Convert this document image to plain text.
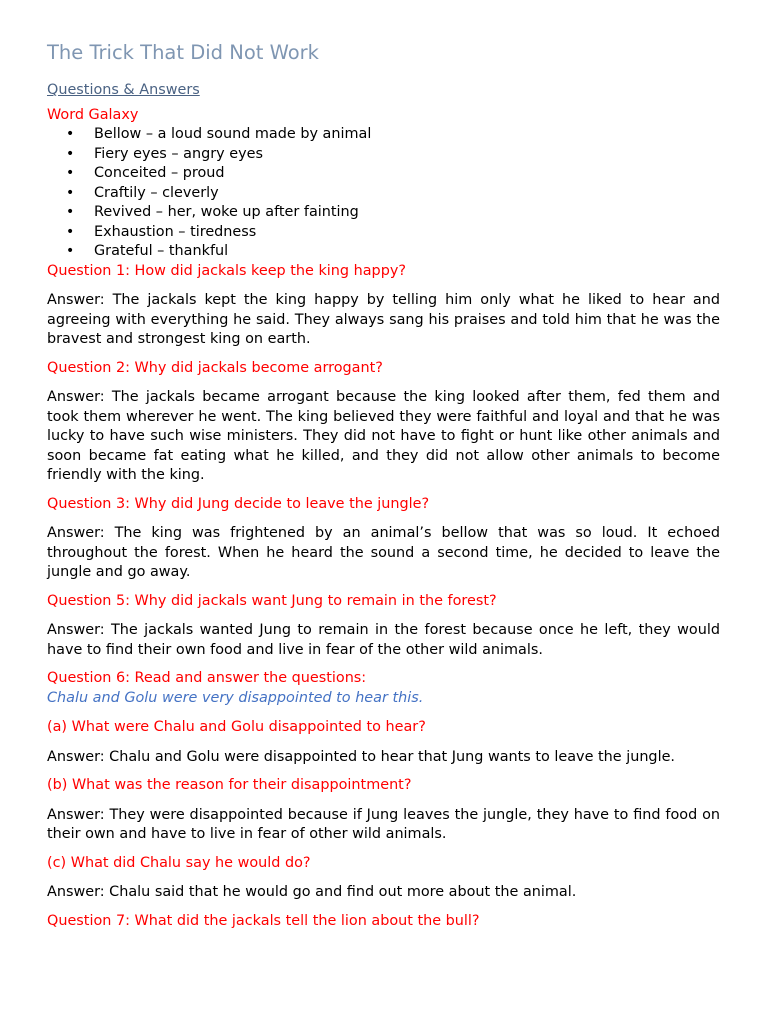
The Trick That Did Not Work
Questions & Answers
Word Galaxy
• Bellow – a loud sound made by animal
• Fiery eyes – angry eyes
• Conceited – proud
• Craftily – cleverly
• Revived – her, woke up after fainting
• Exhaustion – tiredness
• Grateful – thankful
Question 1: How did jackals keep the king happy?
Answer: The jackals kept the king happy by telling him only what he liked to hear and agreeing with everything he said. They always sang his praises and told him that he was the bravest and strongest king on earth.
Question 2: Why did jackals become arrogant?
Answer: The jackals became arrogant because the king looked after them, fed them and took them wherever he went. The king believed they were faithful and loyal and that he was lucky to have such wise ministers. They did not have to fight or hunt like other animals and soon became fat eating what he killed, and they did not allow other animals to become friendly with the king.
Question 3: Why did Jung decide to leave the jungle?
Answer: The king was frightened by an animal’s bellow that was so loud. It echoed throughout the forest. When he heard the sound a second time, he decided to leave the jungle and go away.
Question 5: Why did jackals want Jung to remain in the forest?
Answer: The jackals wanted Jung to remain in the forest because once he left, they would have to find their own food and live in fear of the other wild animals.
Question 6: Read and answer the questions:
Chalu and Golu were very disappointed to hear this.
(a) What were Chalu and Golu disappointed to hear?
Answer: Chalu and Golu were disappointed to hear that Jung wants to leave the jungle.
(b) What was the reason for their disappointment?
Answer: They were disappointed because if Jung leaves the jungle, they have to find food on their own and have to live in fear of other wild animals.
(c) What did Chalu say he would do?
Answer: Chalu said that he would go and find out more about the animal.
Question 7: What did the jackals tell the lion about the bull?
